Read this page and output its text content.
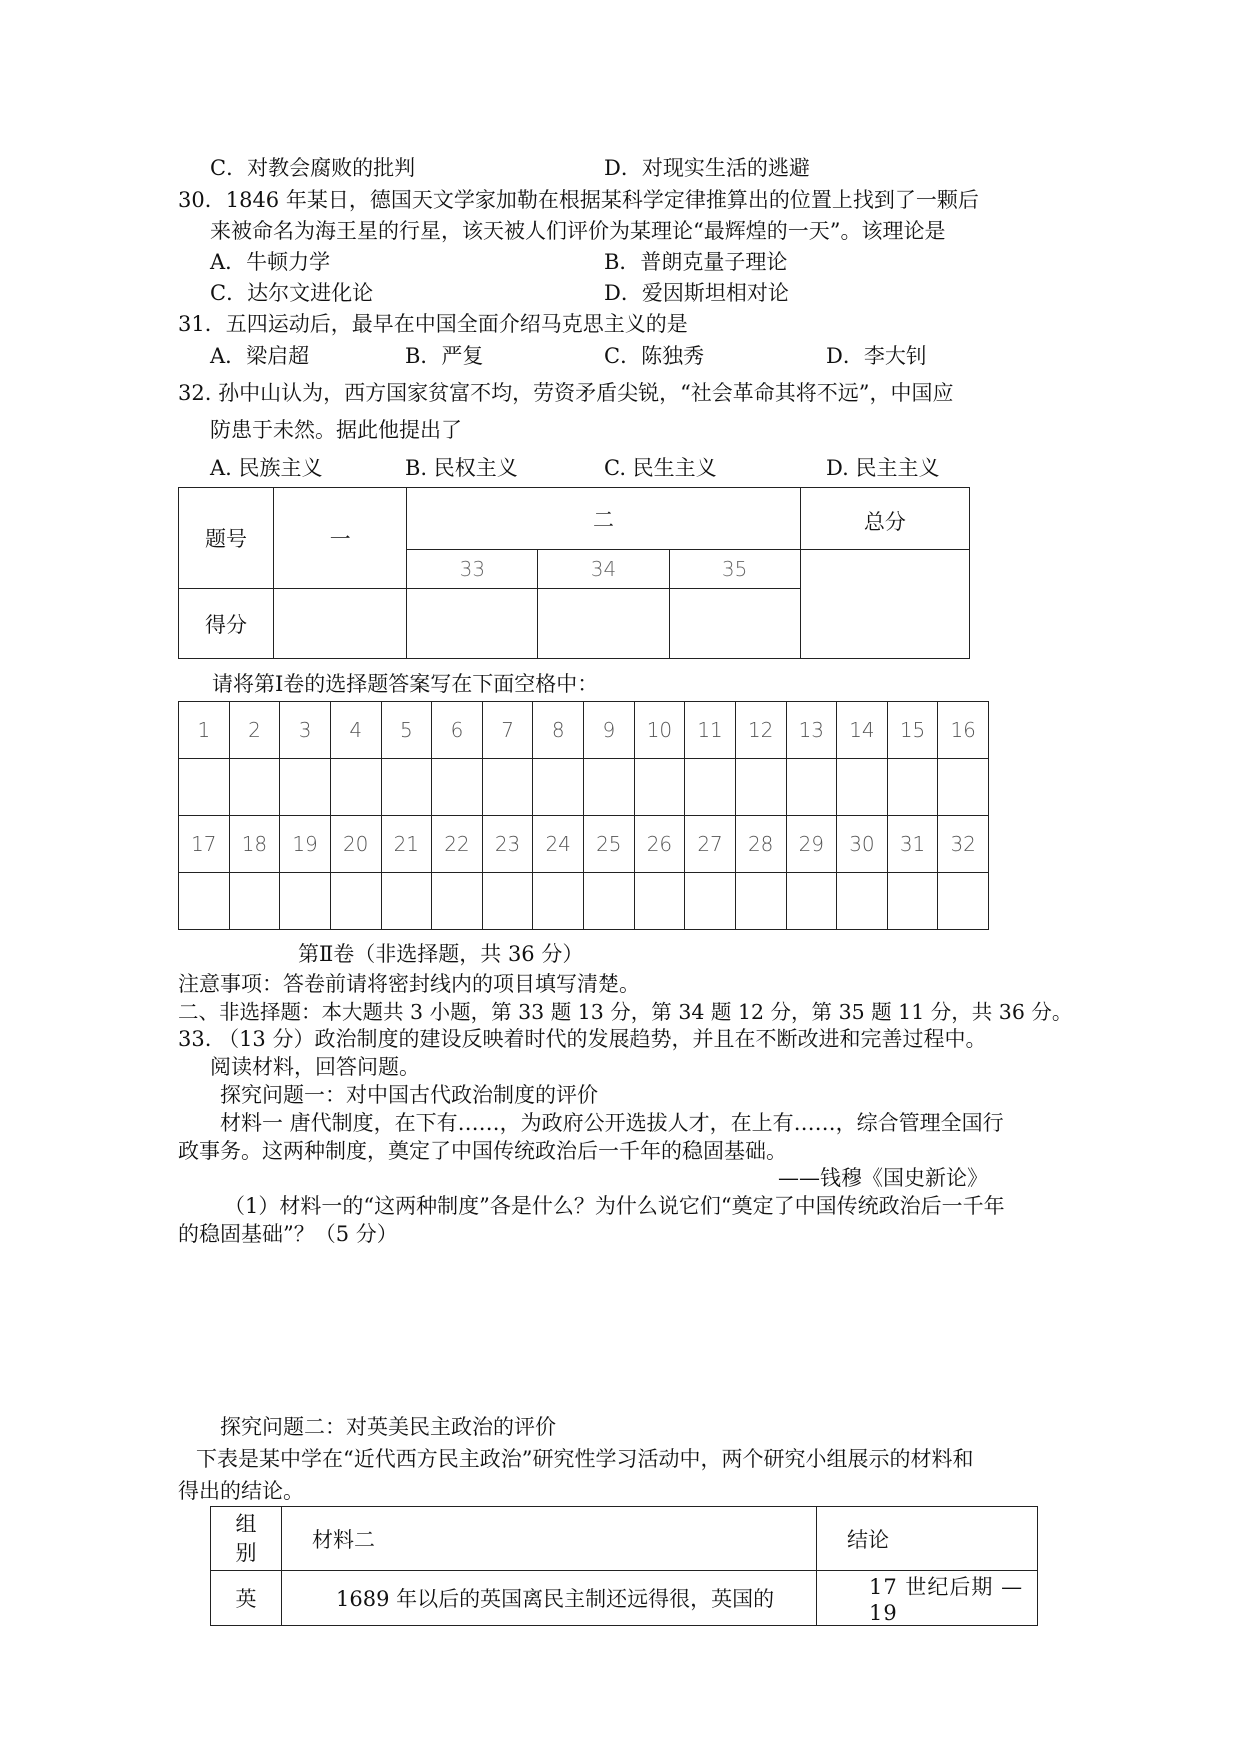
C．对教会腐败的批判	D．对现实生活的逃避
30．1846 年某日，德国天文学家加勒在根据某科学定律推算出的位置上找到了一颗后
来被命名为海王星的行星，该天被人们评价为某理论“最辉煌的一天”。该理论是
A．牛顿力学	B．普朗克量子理论
C．达尔文进化论	D．爱因斯坦相对论
31．五四运动后，最早在中国全面介绍马克思主义的是
A．梁启超	B．严复	C．陈独秀	D．李大钊
32. 孙中山认为，西方国家贫富不均，劳资矛盾尖锐，“社会革命其将不远”，中国应
防患于未然。据此他提出了
A. 民族主义	B. 民权主义	C. 民生主义	D. 民主主义
题号	一	二			总分
		33	34	35	
得分					
请将第Ⅰ卷的选择题答案写在下面空格中：
1	2	3	4	5	6	7	8	9	10	11	12	13	14	15	16

17	18	19	20	21	22	23	24	25	26	27	28	29	30	31	32

第Ⅱ卷（非选择题，共 36 分）
注意事项：答卷前请将密封线内的项目填写清楚。
二、非选择题：本大题共 3 小题，第 33 题 13 分，第 34 题 12 分，第 35 题 11 分，共 36 分。
33. （13 分）政治制度的建设反映着时代的发展趋势，并且在不断改进和完善过程中。
阅读材料，回答问题。
探究问题一：对中国古代政治制度的评价
材料一 唐代制度，在下有……，为政府公开选拔人才，在上有……，综合管理全国行
政事务。这两种制度，奠定了中国传统政治后一千年的稳固基础。
——钱穆《国史新论》
（1）材料一的“这两种制度”各是什么？为什么说它们“奠定了中国传统政治后一千年
的稳固基础”？（5 分）
探究问题二：对英美民主政治的评价
下表是某中学在“近代西方民主政治”研究性学习活动中，两个研究小组展示的材料和
得出的结论。
组
别	材料二	结论
英	1689 年以后的英国离民主制还远得很，英国的	17 世纪后期 —19
